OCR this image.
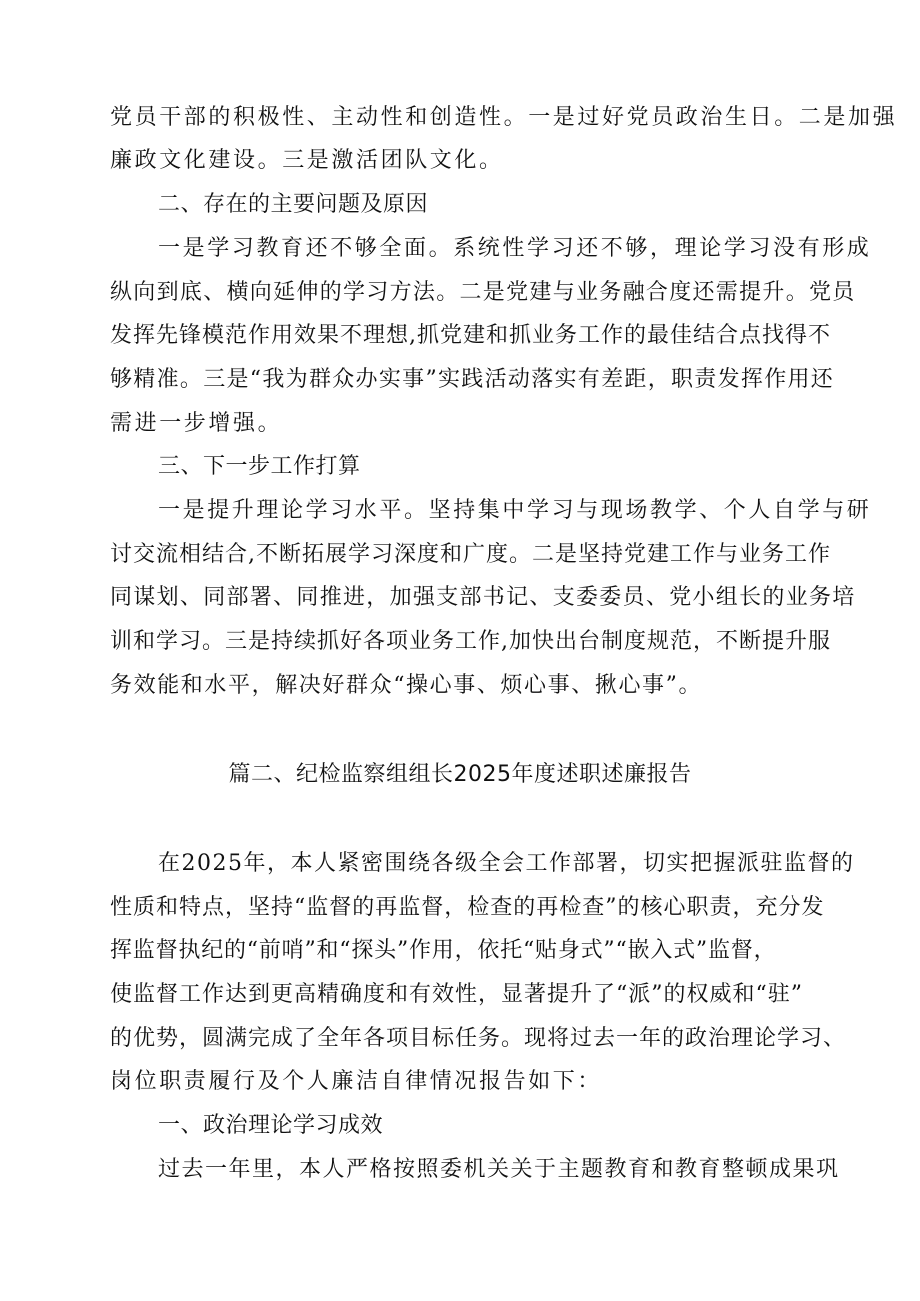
党员干部的积极性、主动性和创造性。一是过好党员政治生日。二是加强
廉政文化建设。三是激活团队文化。
二、存在的主要问题及原因
一是学习教育还不够全面。系统性学习还不够，理论学习没有形成
纵向到底、横向延伸的学习方法。二是党建与业务融合度还需提升。党员
发挥先锋模范作用效果不理想,抓党建和抓业务工作的最佳结合点找得不
够精准。三是“我为群众办实事”实践活动落实有差距，职责发挥作用还
需进一步增强。
三、下一步工作打算
一是提升理论学习水平。坚持集中学习与现场教学、个人自学与研
讨交流相结合,不断拓展学习深度和广度。二是坚持党建工作与业务工作
同谋划、同部署、同推进，加强支部书记、支委委员、党小组长的业务培
训和学习。三是持续抓好各项业务工作,加快出台制度规范，不断提升服
务效能和水平，解决好群众“操心事、烦心事、揪心事”。
篇二、纪检监察组组长2025年度述职述廉报告
在2025年，本人紧密围绕各级全会工作部署，切实把握派驻监督的
性质和特点，坚持“监督的再监督，检查的再检查”的核心职责，充分发
挥监督执纪的“前哨”和“探头”作用，依托“贴身式”“嵌入式”监督，
使监督工作达到更高精确度和有效性，显著提升了“派”的权威和“驻”
的优势，圆满完成了全年各项目标任务。现将过去一年的政治理论学习、
岗位职责履行及个人廉洁自律情况报告如下：
一、政治理论学习成效
过去一年里，本人严格按照委机关关于主题教育和教育整顿成果巩
